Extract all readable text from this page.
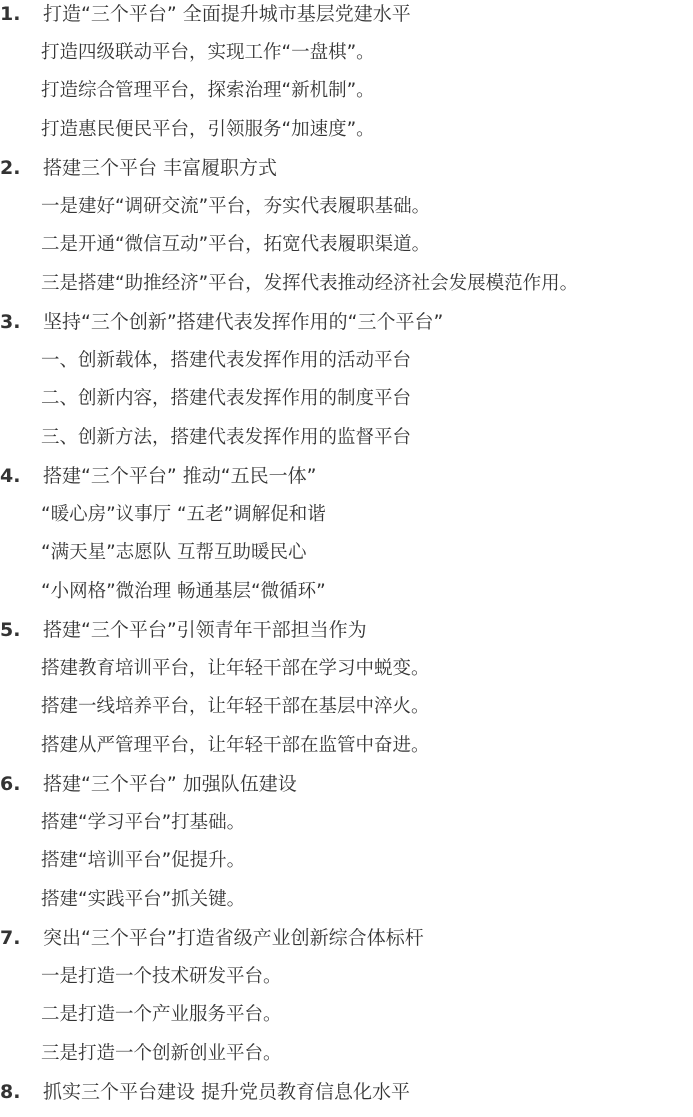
1. 打造“三个平台” 全面提升城市基层党建水平
打造四级联动平台，实现工作“一盘棋”。
打造综合管理平台，探索治理“新机制”。
打造惠民便民平台，引领服务“加速度”。
2. 搭建三个平台 丰富履职方式
一是建好“调研交流”平台，夯实代表履职基础。
二是开通“微信互动”平台，拓宽代表履职渠道。
三是搭建“助推经济”平台，发挥代表推动经济社会发展模范作用。
3. 坚持“三个创新”搭建代表发挥作用的“三个平台”
一、创新载体，搭建代表发挥作用的活动平台
二、创新内容，搭建代表发挥作用的制度平台
三、创新方法，搭建代表发挥作用的监督平台
4. 搭建“三个平台” 推动“五民一体”
“暖心房”议事厅 “五老”调解促和谐
“满天星”志愿队 互帮互助暖民心
“小网格”微治理 畅通基层“微循环”
5. 搭建“三个平台”引领青年干部担当作为
搭建教育培训平台，让年轻干部在学习中蜕变。
搭建一线培养平台，让年轻干部在基层中淬火。
搭建从严管理平台，让年轻干部在监管中奋进。
6. 搭建“三个平台” 加强队伍建设
搭建“学习平台”打基础。
搭建“培训平台”促提升。
搭建“实践平台”抓关键。
7. 突出“三个平台”打造省级产业创新综合体标杆
一是打造一个技术研发平台。
二是打造一个产业服务平台。
三是打造一个创新创业平台。
8. 抓实三个平台建设 提升党员教育信息化水平
